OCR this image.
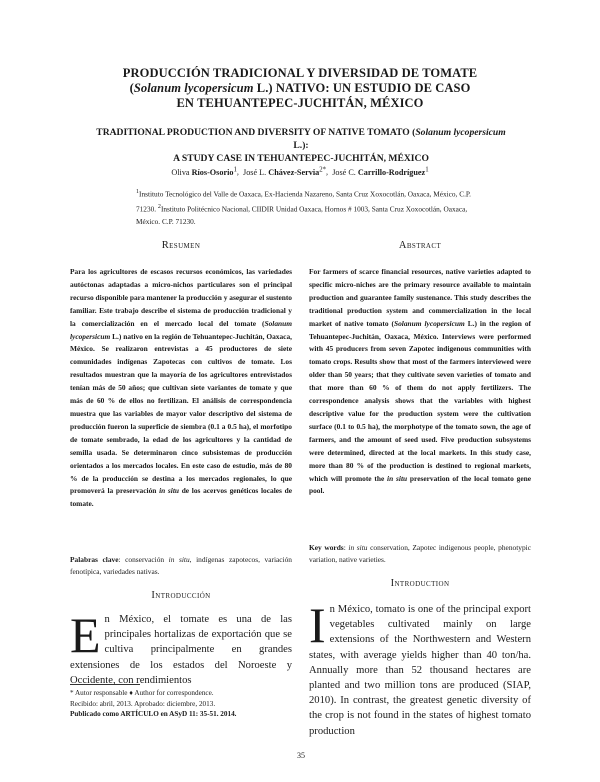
PRODUCCIÓN TRADICIONAL Y DIVERSIDAD DE TOMATE
(Solanum lycopersicum L.) NATIVO: UN ESTUDIO DE CASO
EN TEHUANTEPEC-JUCHITÁN, MÉXICO
TRADITIONAL PRODUCTION AND DIVERSITY OF NATIVE TOMATO (Solanum lycopersicum L.):
A STUDY CASE IN TEHUANTEPEC-JUCHITÁN, MÉXICO
Oliva Ríos-Osorio$^1$,  José L. Chávez-Servia$^{2*}$,  José C. Carrillo-Rodríguez$^1$
$^1$Instituto Tecnológico del Valle de Oaxaca, Ex-Hacienda Nazareno, Santa Cruz Xoxocotlán, Oaxaca, México, C.P. 71230. $^2$Instituto Politécnico Nacional, CIIDIR Unidad Oaxaca, Hornos # 1003, Santa Cruz Xoxocotlán, Oaxaca, México. C.P. 71230.
Resumen
Para los agricultores de escasos recursos económicos, las variedades autóctonas adaptadas a micro-nichos particulares son el principal recurso disponible para mantener la producción y asegurar el sustento familiar. Este trabajo describe el sistema de producción tradicional y la comercialización en el mercado local del tomate (Solanum lycopersicum L.) nativo en la región de Tehuantepec-Juchitán, Oaxaca, México. Se realizaron entrevistas a 45 productores de siete comunidades indígenas Zapotecas con cultivos de tomate. Los resultados muestran que la mayoría de los agricultores entrevistados tenían más de 50 años; que cultivan siete variantes de tomate y que más de 60 % de ellos no fertilizan. El análisis de correspondencia muestra que las variables de mayor valor descriptivo del sistema de producción fueron la superficie de siembra (0.1 a 0.5 ha), el morfotipo de tomate sembrado, la edad de los agricultores y la cantidad de semilla usada. Se determinaron cinco subsistemas de producción orientados a los mercados locales. En este caso de estudio, más de 80 % de la producción se destina a los mercados regionales, lo que promoverá la preservación in situ de los acervos genéticos locales de tomate.
Palabras clave: conservación in situ, indígenas zapotecos, variación fenotípica, variedades nativas.
Introducción
En México, el tomate es una de las principales hortalizas de exportación que se cultiva principalmente en grandes extensiones de los estados del Noroeste y Occidente, con rendimientos
Abstract
For farmers of scarce financial resources, native varieties adapted to specific micro-niches are the primary resource available to maintain production and guarantee family sustenance. This study describes the traditional production system and commercialization in the local market of native tomato (Solanum lycopersicum L.) in the region of Tehuantepec-Juchitán, Oaxaca, México. Interviews were performed with 45 producers from seven Zapotec indigenous communities with tomato crops. Results show that most of the farmers interviewed were older than 50 years; that they cultivate seven varieties of tomato and that more than 60 % of them do not apply fertilizers. The correspondence analysis shows that the variables with highest descriptive value for the production system were the cultivation surface (0.1 to 0.5 ha), the morphotype of the tomato sown, the age of farmers, and the amount of seed used. Five production subsystems were determined, directed at the local markets. In this study case, more than 80 % of the production is destined to regional markets, which will promote the in situ preservation of the local tomato gene pool.
Key words: in situ conservation, Zapotec indigenous people, phenotypic variation, native varieties.
Introduction
In México, tomato is one of the principal export vegetables cultivated mainly on large extensions of the Northwestern and Western states, with average yields higher than 40 ton/ha. Annually more than 52 thousand hectares are planted and two million tons are produced (SIAP, 2010). In contrast, the greatest genetic diversity of the crop is not found in the states of highest tomato production
* Autor responsable ♦ Author for correspondence.
Recibido: abril, 2013. Aprobado: diciembre, 2013.
Publicado como ARTÍCULO en ASyD 11: 35-51. 2014.
35
